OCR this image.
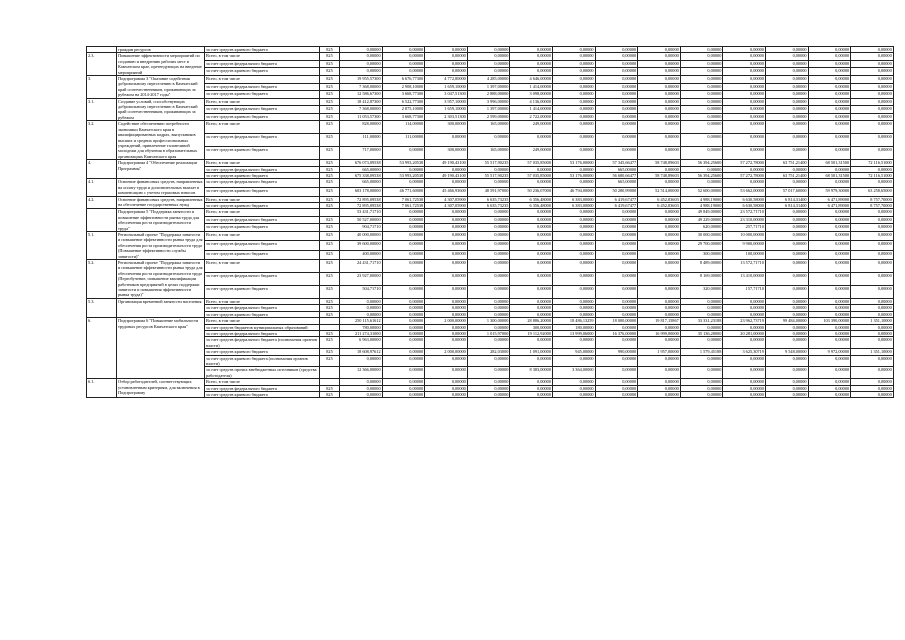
	граждан ресурсов	за счет средств краевого бюджета	825	0,00000	0,00000	0,00000	0,00000	0,00000	0,00000	0,00000	0,00000	0,00000	0,00000	0,00000	0,00000	0,00000
2.3.	Повышение эффективности мероприятий по созданию и внедрению рабочих мест в Камчатском крае, претендующих на введение мероприятий	Всего, в том числе	825	0,00000	0,00000	0,00000	0,00000	0,00000	0,00000	0,00000	0,00000	0,00000	0,00000	0,00000	0,00000	0,00000
		за счет средств федерального бюджета	825	0,00000	0,00000	0,00000	0,00000	0,00000	0,00000	0,00000	0,00000	0,00000	0,00000	0,00000	0,00000	0,00000
		за счет средств краевого бюджета	825	0,00000	0,00000	0,00000	0,00000	0,00000	0,00000	0,00000	0,00000	0,00000	0,00000	0,00000	0,00000	0,00000
3.	Подпрограмма 3 "Оказание содействия добровольному переселению в Камчатский край соотечественников, проживающих за рубежом на 2014-2017 годы"	Всего, в том числе	825	19 955,57300	6 676,77300	4 772,80000	4 285,00000	4 646,00000	0,00000	0,00000	0,00000	0,00000	0,00000	0,00000	0,00000	0,00000
		за счет средств федерального бюджета	825	7 368,00000	2 908,10000	1 659,10000	1 397,00000	1 414,00000	0,00000	0,00000	0,00000	0,00000	0,00000	0,00000	0,00000	0,00000
		за счет средств краевого бюджета	825	12 586,67300	3 668,77300	3 047,51300	2 888,00000	3 098,00000	0,00000	0,00000	0,00000	0,00000	0,00000	0,00000	0,00000	0,00000
3.1.	Создание условий, способствующих добровольному переселению в Камчатский край соотечественников, проживающих за рубежом	Всего, в том числе	825	18 412,87300	6 522,77300	3 957,10000	3 996,00000	4 136,00000	0,00000	0,00000	0,00000	0,00000	0,00000	0,00000	0,00000	0,00000
		за счет средств федерального бюджета	825	7 368,00000	2 875,10000	1 659,10000	1 397,00000	1 414,00000	0,00000	0,00000	0,00000	0,00000	0,00000	0,00000	0,00000	0,00000
		за счет средств краевого бюджета	825	11 053,57300	3 668,77300	2 303,51300	2 599,00000	2 722,00000	0,00000	0,00000	0,00000	0,00000	0,00000	0,00000	0,00000	0,00000
3.2.	Содействие обеспечению потребности экономики Камчатского края в квалифицированных кадрах, выпускников высших и средних профессиональных учреждений, привлечение талантливой молодежи для обучения в образовательных организациях Камчатского края	Всего, в том числе	825	828,00000	114,00000	300,00000	165,00000	249,00000	0,00000	0,00000	0,00000	0,00000	0,00000	0,00000	0,00000	0,00000
		за счет средств федерального бюджета	825	111,00000	111,00000	0,00000	0,00000	0,00000	0,00000	0,00000	0,00000	0,00000	0,00000	0,00000	0,00000	0,00000
		за счет средств краевого бюджета	825	717,00000	0,00000	300,00000	165,00000	249,00000	0,00000	0,00000	0,00000	0,00000	0,00000	0,00000	0,00000	0,00000
4.	Подпрограмма 4 "Обеспечение реализации Программы"	Всего, в том числе	825	676 073,09538	53 993,20538	49 190,43100	55 517,90235	57 035,85000	53 176,00000	57 345,66477	58 748,89603	56 394,25600	57 272,78000	63 751,21400	68 501,31500	72 116,51000
		за счет средств федерального бюджета	825	665,00000	0,00000	0,00000	0,00000	0,00000	0,00000	665,00000	0,00000	0,00000	0,00000	0,00000	0,00000	0,00000
		за счет средств краевого бюджета	825	675 338,09538	53 993,20538	49 190,43100	55 517,90235	57 035,85000	53 176,00000	56 680,66477	58 748,89603	56 394,25600	57 272,78000	63 751,21400	68 501,31500	72 116,51000
4.1.	Освоение финансовых средств, направленных на оплату труда и дополнительных выплат в компенсацию с учетом страховых взносов	за счет средств федерального бюджета	825	665,00000	0,00000	0,00000	0,00000	0,00000	0,00000	665,00000	0,00000	0,00000	0,00000	0,00000	0,00000	0,00000
		за счет средств краевого бюджета	825	603 178,00000	46 771,60000	45 466,93600	48 591,97000	50 236,07000	46 794,00000	50 280,99000	52 514,00000	52 600,00000	53 662,00000	57 017,60000	59 979,30000	63 258,65000
4.2.	Освоение финансовых средств, направленных на обеспечение государственных нужд	Всего, в том числе	825	72 895,09538	7 061,72538	4 307,05900	6 635,73235	6 356,48000	6 383,00000	6 419,67477	6 452,83603	4 988,19000	6 630,58000	6 814,31400	6 471,89000	8 757,70000
		за счет средств краевого бюджета	825	72 895,09538	7 061,72538	4 307,05900	6 635,73235	6 356,48000	6 383,00000	6 419,67477	6 452,83603	4 988,19000	6 630,58000	6 814,31400	6 471,89000	8 757,70000
	Подпрограмма 5 "Поддержка занятости и повышение эффективности рынка труда для обеспечения роста производительности труда"	Всего, в том числе		53 431,71710	0,00000	0,00000	0,00000	0,00000	0,00000	0,00000	0,00000	49 849,00000	23 572,71710	0,00000	0,00000	0,00000
		за счет средств федерального бюджета	825	50 527,00000	0,00000	0,00000	0,00000	0,00000	0,00000	0,00000	0,00000	49 229,00000	23 310,00000	0,00000	0,00000	0,00000
		за счет средств краевого бюджета	825	904,71710	0,00000	0,00000	0,00000	0,00000	0,00000	0,00000	0,00000	620,00000	257,71710	0,00000	0,00000	0,00000
5.1.	Региональный проект "Поддержка занятости и повышение эффективности рынка труда для обеспечения роста производительности труда (Повышение эффективности службы занятости)"	Всего, в том числе	825	40 000,00000	0,00000	0,00000	0,00000	0,00000	0,00000	0,00000	0,00000	30 000,00000	10 000,00000	0,00000	0,00000	0,00000
		за счет средств федерального бюджета	825	39 600,00000	0,00000	0,00000	0,00000	0,00000	0,00000	0,00000	0,00000	29 700,00000	9 900,00000	0,00000	0,00000	0,00000
		за счет средств краевого бюджета	825	400,00000	0,00000	0,00000	0,00000	0,00000	0,00000	0,00000	0,00000	300,00000	100,00000	0,00000	0,00000	0,00000
5.2.	Региональный проект "Поддержка занятости и повышение эффективности рынка труда для обеспечения роста производительности труда (Переобучение, повышение квалификации работников предприятий в целях поддержки занятости и повышения эффективности рынка труда)"	Всего, в том числе	825	24 431,71710	0,00000	0,00000	0,00000	0,00000	0,00000	0,00000	0,00000	8 489,00000	13 572,71710	0,00000	0,00000	0,00000
		за счет средств федерального бюджета	825	23 927,00000	0,00000	0,00000	0,00000	0,00000	0,00000	0,00000	0,00000	8 169,00000	13 410,00000	0,00000	0,00000	0,00000
		за счет средств краевого бюджета	825	504,71710	0,00000	0,00000	0,00000	0,00000	0,00000	0,00000	0,00000	320,00000	157,71710	0,00000	0,00000	0,00000
5.3.	Организация временной занятости населения	Всего, в том числе	825	0,00000	0,00000	0,00000	0,00000	0,00000	0,00000	0,00000	0,00000	0,00000	0,00000	0,00000	0,00000	0,00000
		за счет средств федерального бюджета	825	0,00000	0,00000	0,00000	0,00000	0,00000	0,00000	0,00000	0,00000	0,00000	0,00000	0,00000	0,00000	0,00000
		за счет средств краевого бюджета	825	0,00000	0,00000	0,00000	0,00000	0,00000	0,00000	0,00000	0,00000	0,00000	0,00000	0,00000	0,00000	0,00000
6.	Подпрограмма 6 "Повышение мобильности трудовых ресурсов Камчатского края"	Всего, в том числе		250 115,61612	0,00000	2 000,00000	1 300,00000	28 886,20000	18 486,13259	18 000,00000	19 817,15867	33 331,23188	23 962,73719	99 484,00000	103 390,00000	1 351,10000
		за счет средств бюджетов муниципальных образований		780,00000	0,00000	0,00000	0,00000	300,00000	180,00000	0,00000	0,00000	0,00000	0,00000	0,00000	0,00000	0,00000
		за счет средств федерального бюджета	825	211 274,31000	0,00000	0,00000	1 015,97000	19 112,92000	13 999,06000	16 376,00000	16 999,00000	35 136,28000	20 281,00000	0,00000	0,00000	0,00000
		за счет средств федерального бюджета (полномочия органов власти)	825	6 963,00000	0,00000	0,00000	0,00000	0,00000	0,00000	0,00000	0,00000	0,00000	0,00000	0,00000	0,00000	0,00000
		за счет средств краевого бюджета	825	18 608,97612	0,00000	2 000,00000	282,03000	1 091,00000	945,00000	990,00000	1 957,00000	1 579,45188	3 625,30719	9 548,00000	9 972,00000	1 351,10000
		за счет средств краевого бюджета (полномочия органов власти)	825	0,00000	0,00000	0,00000	0,00000	0,00000	0,00000	0,00000	0,00000	0,00000	0,00000	0,00000	0,00000	0,00000
		за счет средств прочих внебюджетных источников (средства работодателя)		12 366,00000	0,00000	0,00000	0,00000	8 383,00000	3 364,00000	0,00000	0,00000	0,00000	0,00000	0,00000	0,00000	0,00000
6.1.	Отбор работодателей, соответствующих установленным критериям, для включения в Подпрограмму	Всего, в том числе		0,00000	0,00000	0,00000	0,00000	0,00000	0,00000	0,00000	0,00000	0,00000	0,00000	0,00000	0,00000	0,00000
		за счет средств федерального бюджета	825	0,00000	0,00000	0,00000	0,00000	0,00000	0,00000	0,00000	0,00000	0,00000	0,00000	0,00000	0,00000	0,00000
		за счет средств краевого бюджета	825	0,00000	0,00000	0,00000	0,00000	0,00000	0,00000	0,00000	0,00000	0,00000	0,00000	0,00000	0,00000	0,00000
